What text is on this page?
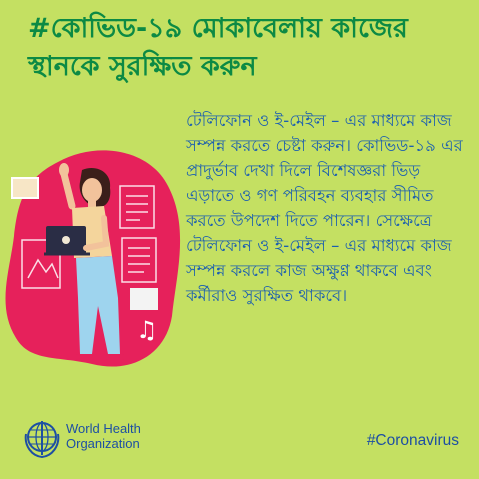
#কোভিড-১৯ মোকাবেলায় কাজের স্থানকে সুরক্ষিত করুন
♫

টেলিফোন ও ই-মেইল – এর মাধ্যমে কাজ সম্পন্ন করতে চেষ্টা করুন। কোভিড-১৯ এর প্রাদুর্ভাব দেখা দিলে বিশেষজ্ঞরা ভিড় এড়াতে ও গণ পরিবহন ব্যবহার সীমিত করতে উপদেশ দিতে পারেন। সেক্ষেত্রে টেলিফোন ও ই-মেইল – এর মাধ্যমে কাজ সম্পন্ন করলে কাজ অক্ষুণ্ণ থাকবে এবং কর্মীরাও সুরক্ষিত থাকবে।

World Health
Organization	#Coronavirus
